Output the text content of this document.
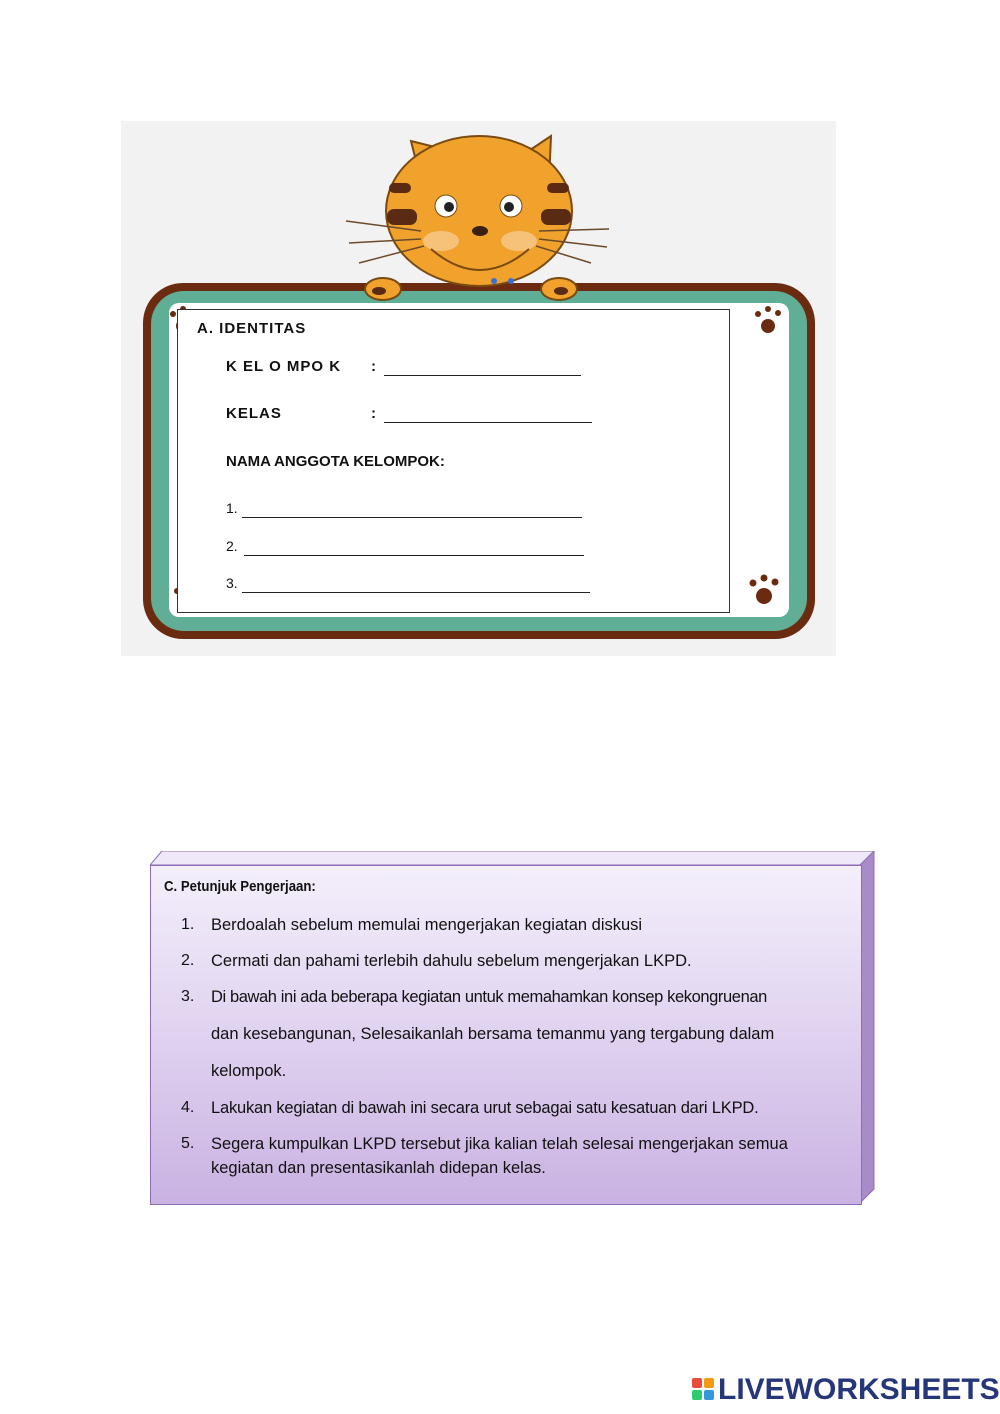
A. IDENTITAS
K EL O MPO K :
KELAS	:
NAMA ANGGOTA KELOMPOK:
1.
2.
3.
C. Petunjuk Pengerjaan:
1. Berdoalah sebelum memulai mengerjakan kegiatan diskusi
2. Cermati dan pahami terlebih dahulu sebelum mengerjakan LKPD.
3. Di bawah ini ada beberapa kegiatan untuk memahamkan konsep kekongruenan
dan kesebangunan, Selesaikanlah bersama temanmu yang tergabung dalam
kelompok.
4. Lakukan kegiatan di bawah ini secara urut sebagai satu kesatuan dari LKPD.
5. Segera kumpulkan LKPD tersebut jika kalian telah selesai mengerjakan semua
kegiatan dan presentasikanlah didepan kelas.
LIVEWORKSHEETS
